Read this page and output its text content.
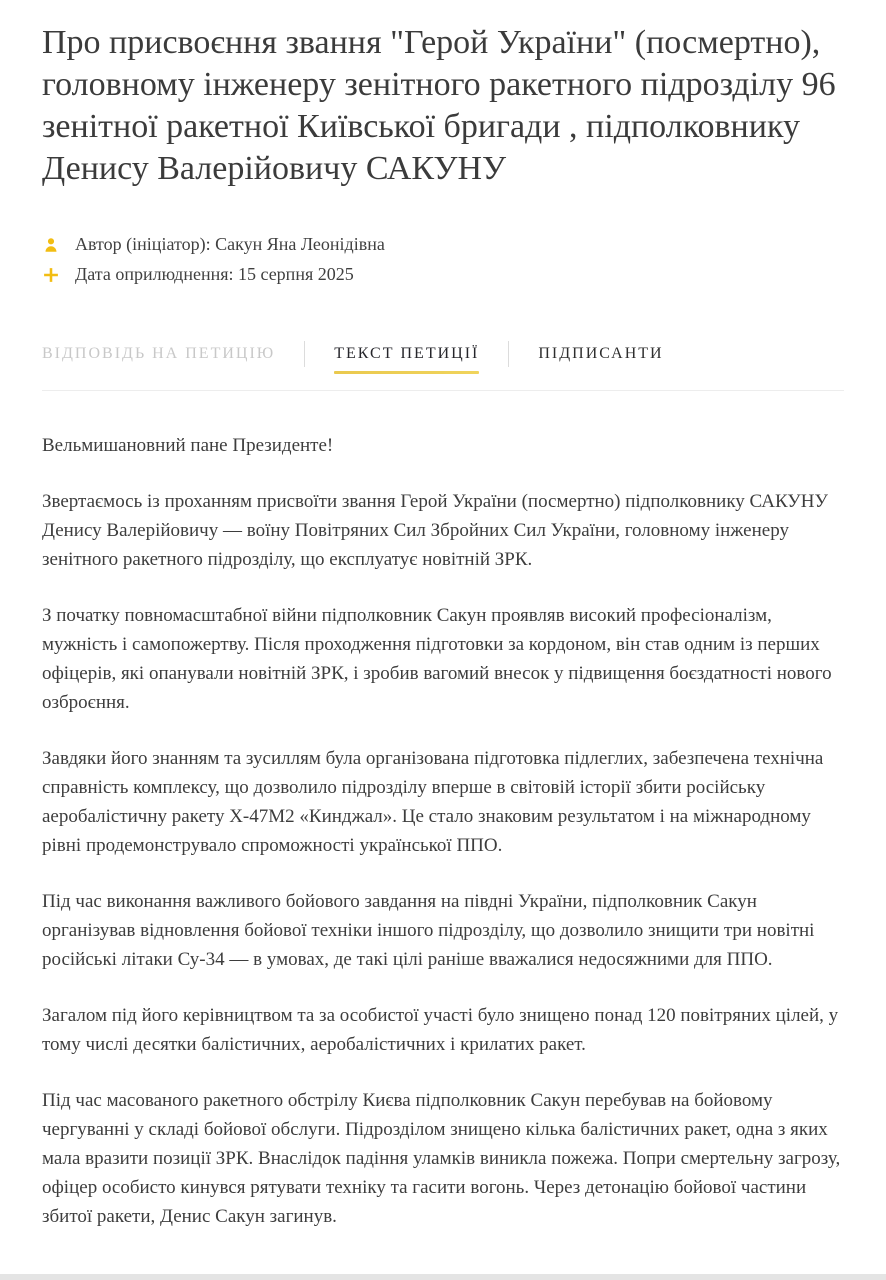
Про присвоєння звання "Герой України" (посмертно), головному інженеру зенітного ракетного підрозділу 96 зенітної ракетної Київської бригади , підполковнику Денису Валерійовичу САКУНУ
Автор (ініціатор): Сакун Яна Леонідівна
Дата оприлюднення: 15 серпня 2025
ВІДПОВІДЬ НА ПЕТИЦІЮ	ТЕКСТ ПЕТИЦІЇ	ПІДПИСАНТИ

Вельмишановний пане Президенте!

Звертаємось із проханням присвоїти звання Герой України (посмертно) підполковнику САКУНУ Денису Валерійовичу — воїну Повітряних Сил Збройних Сил України, головному інженеру зенітного ракетного підрозділу, що експлуатує новітній ЗРК.

З початку повномасштабної війни підполковник Сакун проявляв високий професіоналізм, мужність і самопожертву. Після проходження підготовки за кордоном, він став одним із перших офіцерів, які опанували новітній ЗРК, і зробив вагомий внесок у підвищення боєздатності нового озброєння.

Завдяки його знанням та зусиллям була організована підготовка підлеглих, забезпечена технічна справність комплексу, що дозволило підрозділу вперше в світовій історії збити російську аеробалістичну ракету Х-47М2 «Кинджал». Це стало знаковим результатом і на міжнародному рівні продемонструвало спроможності української ППО.

Під час виконання важливого бойового завдання на півдні України, підполковник Сакун організував відновлення бойової техніки іншого підрозділу, що дозволило знищити три новітні російські літаки Су-34 — в умовах, де такі цілі раніше вважалися недосяжними для ППО.

Загалом під його керівництвом та за особистої участі було знищено понад 120 повітряних цілей, у тому числі десятки балістичних, аеробалістичних і крилатих ракет.

Під час масованого ракетного обстрілу Києва підполковник Сакун перебував на бойовому чергуванні у складі бойової обслуги. Підрозділом знищено кілька балістичних ракет, одна з яких мала вразити позиції ЗРК. Внаслідок падіння уламків виникла пожежа. Попри смертельну загрозу, офіцер особисто кинувся рятувати техніку та гасити вогонь. Через детонацію бойової частини збитої ракети, Денис Сакун загинув.
